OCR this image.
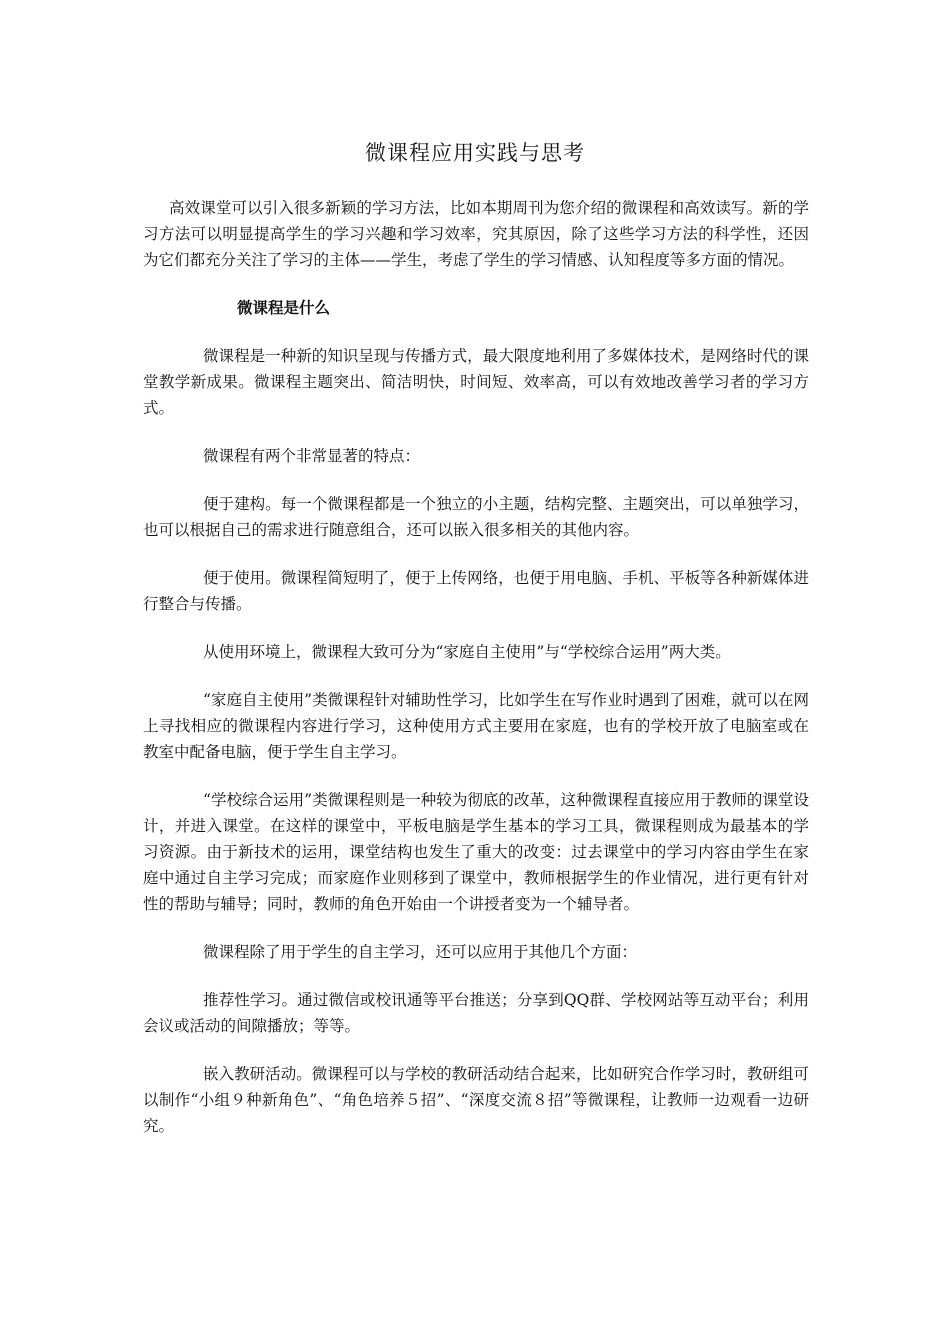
微课程应用实践与思考

高效课堂可以引入很多新颖的学习方法，比如本期周刊为您介绍的微课程和高效读写。新的学习方法可以明显提高学生的学习兴趣和学习效率，究其原因，除了这些学习方法的科学性，还因为它们都充分关注了学习的主体——学生，考虑了学生的学习情感、认知程度等多方面的情况。

微课程是什么

微课程是一种新的知识呈现与传播方式，最大限度地利用了多媒体技术，是网络时代的课堂教学新成果。微课程主题突出、简洁明快，时间短、效率高，可以有效地改善学习者的学习方式。

微课程有两个非常显著的特点：

便于建构。每一个微课程都是一个独立的小主题，结构完整、主题突出，可以单独学习，也可以根据自己的需求进行随意组合，还可以嵌入很多相关的其他内容。

便于使用。微课程简短明了，便于上传网络，也便于用电脑、手机、平板等各种新媒体进行整合与传播。

从使用环境上，微课程大致可分为“家庭自主使用”与“学校综合运用”两大类。

“家庭自主使用”类微课程针对辅助性学习，比如学生在写作业时遇到了困难，就可以在网上寻找相应的微课程内容进行学习，这种使用方式主要用在家庭，也有的学校开放了电脑室或在教室中配备电脑，便于学生自主学习。

“学校综合运用”类微课程则是一种较为彻底的改革，这种微课程直接应用于教师的课堂设计，并进入课堂。在这样的课堂中，平板电脑是学生基本的学习工具，微课程则成为最基本的学习资源。由于新技术的运用，课堂结构也发生了重大的改变：过去课堂中的学习内容由学生在家庭中通过自主学习完成；而家庭作业则移到了课堂中，教师根据学生的作业情况，进行更有针对性的帮助与辅导；同时，教师的角色开始由一个讲授者变为一个辅导者。

微课程除了用于学生的自主学习，还可以应用于其他几个方面：

推荐性学习。通过微信或校讯通等平台推送；分享到QQ群、学校网站等互动平台；利用会议或活动的间隙播放；等等。

嵌入教研活动。微课程可以与学校的教研活动结合起来，比如研究合作学习时，教研组可以制作“小组９种新角色”、“角色培养５招”、“深度交流８招”等微课程，让教师一边观看一边研究。
